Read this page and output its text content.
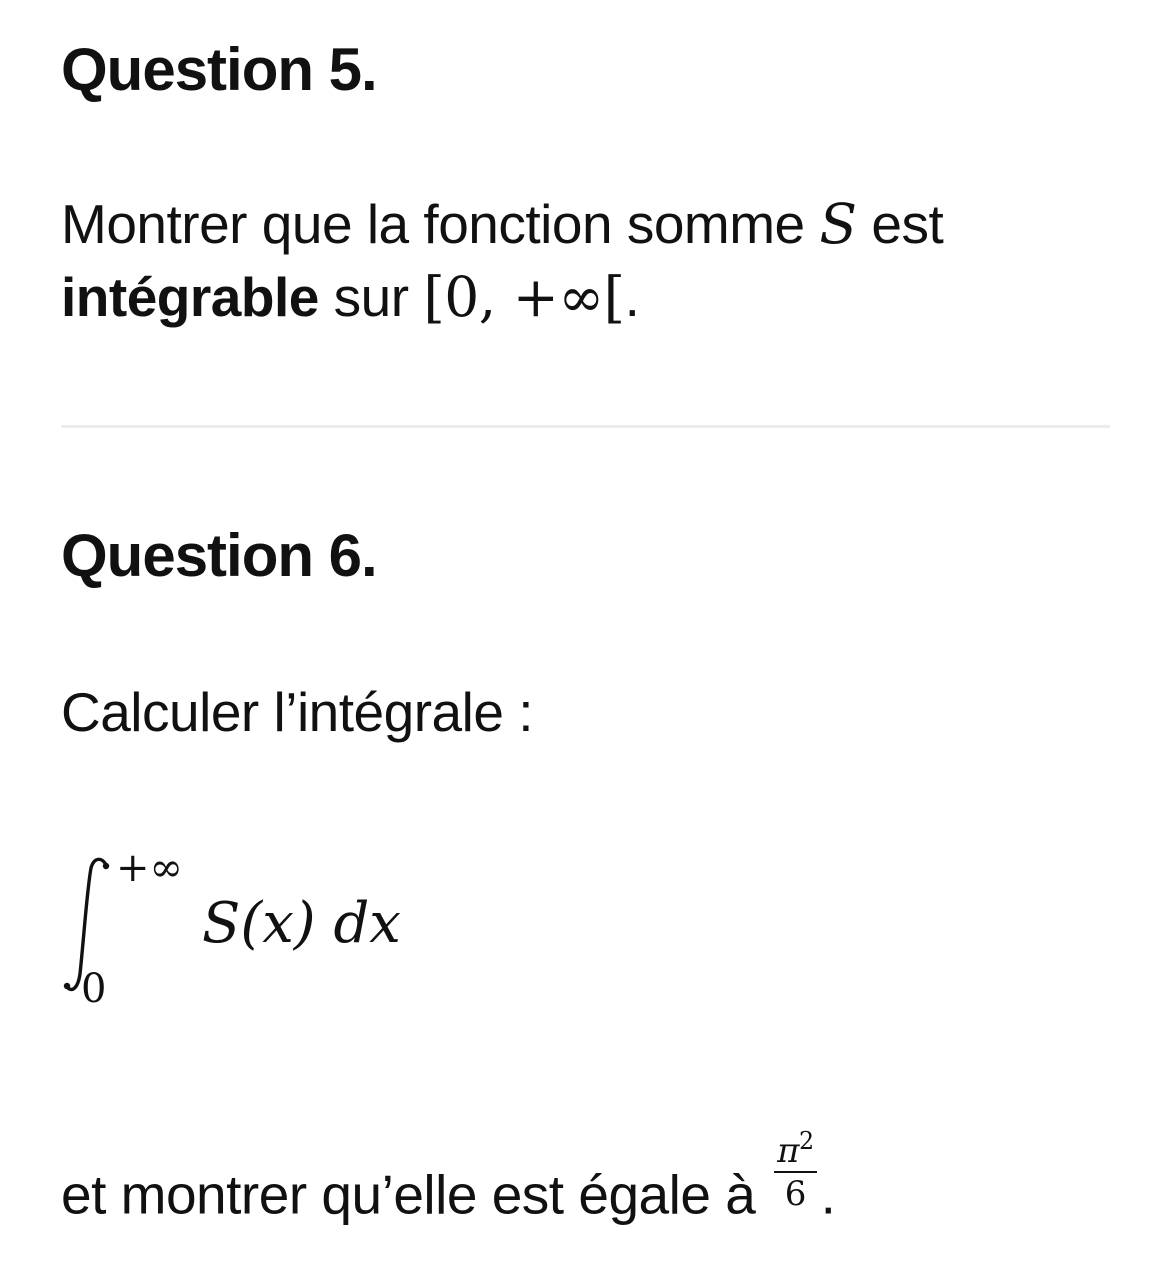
Question 5.

Montrer que la fonction somme S est
intégrable sur [0, +∞[.

Question 6.

Calculer l’intégrale :

+∞
0
S(x) dx

et montrer qu’elle est égale à $\frac{\pi^2}{6}$ .
